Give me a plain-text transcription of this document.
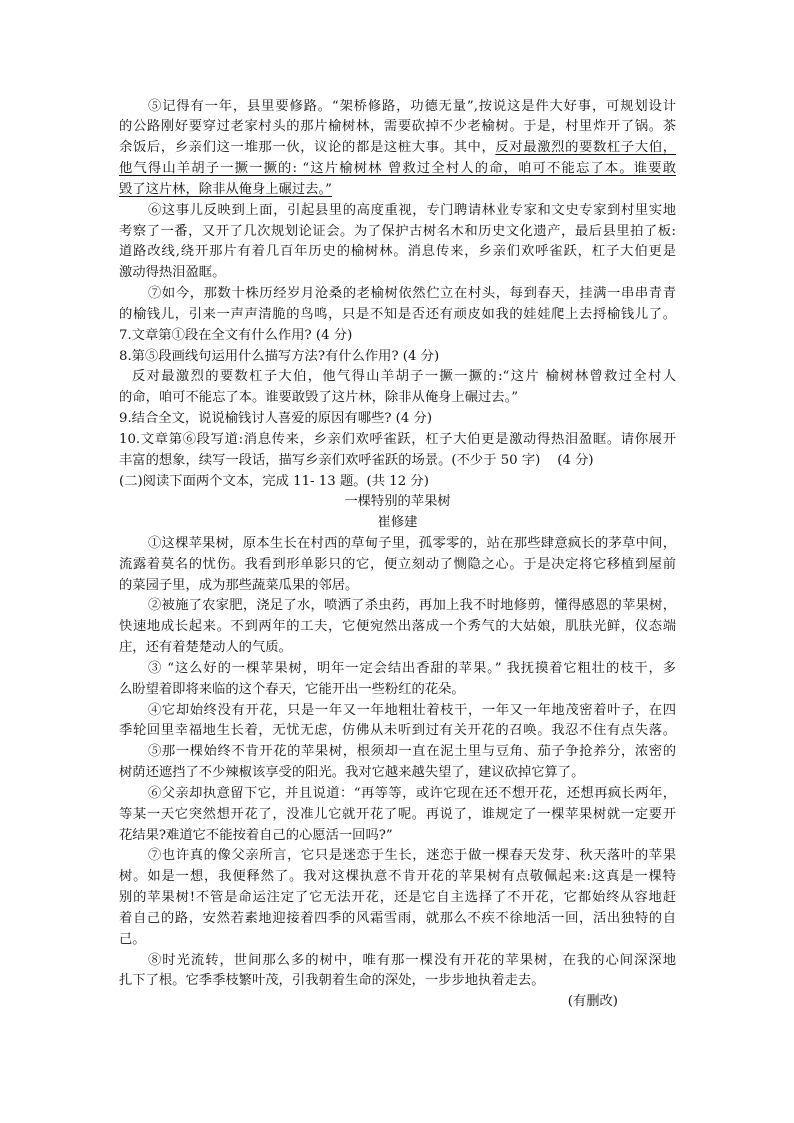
⑤记得有一年，县里要修路。“架桥修路，功德无量”,按说这是件大好事，可规划设计
的公路刚好要穿过老家村头的那片榆树林，需要砍掉不少老榆树。于是，村里炸开了锅。茶
余饭后，乡亲们这一堆那一伙，议论的都是这桩大事。其中，反对最激烈的要数杠子大伯，
他气得山羊胡子一撅一撅的: “这片榆树林 曾救过全村人的命，咱可不能忘了本。谁要敢
毁了这片林，除非从俺身上碾过去。”
⑥这事儿反映到上面，引起县里的高度重视，专门聘请林业专家和文史专家到村里实地
考察了一番，又开了几次规划论证会。为了保护古树名木和历史文化遗产，最后县里拍了板:
道路改线,绕开那片有着几百年历史的榆树林。消息传来，乡亲们欢呼雀跃，杠子大伯更是
激动得热泪盈眶。
⑦如今，那数十株历经岁月沧桑的老榆树依然伫立在村头，每到春天，挂满一串串青青
的榆钱儿，引来一声声清脆的鸟鸣，只是不知是否还有顽皮如我的娃娃爬上去捋榆钱儿了。
7.文章第①段在全文有什么作用? (4 分)
8.第⑤段画线句运用什么描写方法?有什么作用? (4 分)
反对最激烈的要数杠子大伯，他气得山羊胡子一撅一撅的:“这片 榆树林曾救过全村人
的命，咱可不能忘了本。谁要敢毁了这片林，除非从俺身上碾过去。”
9.结合全文，说说榆钱讨人喜爱的原因有哪些? (4 分)
10.文章第⑥段写道:消息传来，乡亲们欢呼雀跃，杠子大伯更是激动得热泪盈眶。请你展开
丰富的想象，续写一段话，描写乡亲们欢呼雀跃的场景。(不少于 50 字)    (4 分)
(二)阅读下面两个文本，完成 11- 13 题。(共 12 分)
一棵特别的苹果树
崔修建
①这棵苹果树，原本生长在村西的草甸子里，孤零零的，站在那些肆意疯长的茅草中间，
流露着莫名的忧伤。我看到形单影只的它，便立刻动了恻隐之心。于是决定将它移植到屋前
的菜园子里，成为那些蔬菜瓜果的邻居。
②被施了农家肥，浇足了水，喷洒了杀虫药，再加上我不时地修剪，懂得感恩的苹果树，
快速地成长起来。不到两年的工夫，它便宛然出落成一个秀气的大姑娘，肌肤光鲜，仪态端
庄，还有着楚楚动人的气质。
③ “这么好的一棵苹果树，明年一定会结出香甜的苹果。” 我抚摸着它粗壮的枝干，多
么盼望着即将来临的这个春天，它能开出一些粉红的花朵。
④它却始终没有开花，只是一年又一年地粗壮着枝干，一年又一年地茂密着叶子，在四
季轮回里幸福地生长着，无忧无虑，仿佛从未听到过有关开花的召唤。我忍不住有点失落。
⑤那一棵始终不肯开花的苹果树，根须却一直在泥土里与豆角、茄子争抢养分，浓密的
树荫还遮挡了不少辣椒该享受的阳光。我对它越来越失望了，建议砍掉它算了。
⑥父亲却执意留下它，并且说道：“再等等，或许它现在还不想开花，还想再疯长两年，
等某一天它突然想开花了，没准儿它就开花了呢。再说了，谁规定了一棵苹果树就一定要开
花结果?难道它不能按着自己的心愿活一回吗?”
⑦也许真的像父亲所言，它只是迷恋于生长，迷恋于做一棵春天发芽、秋天落叶的苹果
树。如是一想，我便释然了。我对这棵执意不肯开花的苹果树有点敬佩起来:这真是一棵特
别的苹果树!不管是命运注定了它无法开花，还是它自主选择了不开花，它都始终从容地赶
着自己的路，安然若素地迎接着四季的风霜雪雨，就那么不疾不徐地活一回，活出独特的自
己。
⑧时光流转，世间那么多的树中，唯有那一棵没有开花的苹果树，在我的心间深深地
扎下了根。它季季枝繁叶茂，引我朝着生命的深处，一步步地执着走去。
(有删改)
